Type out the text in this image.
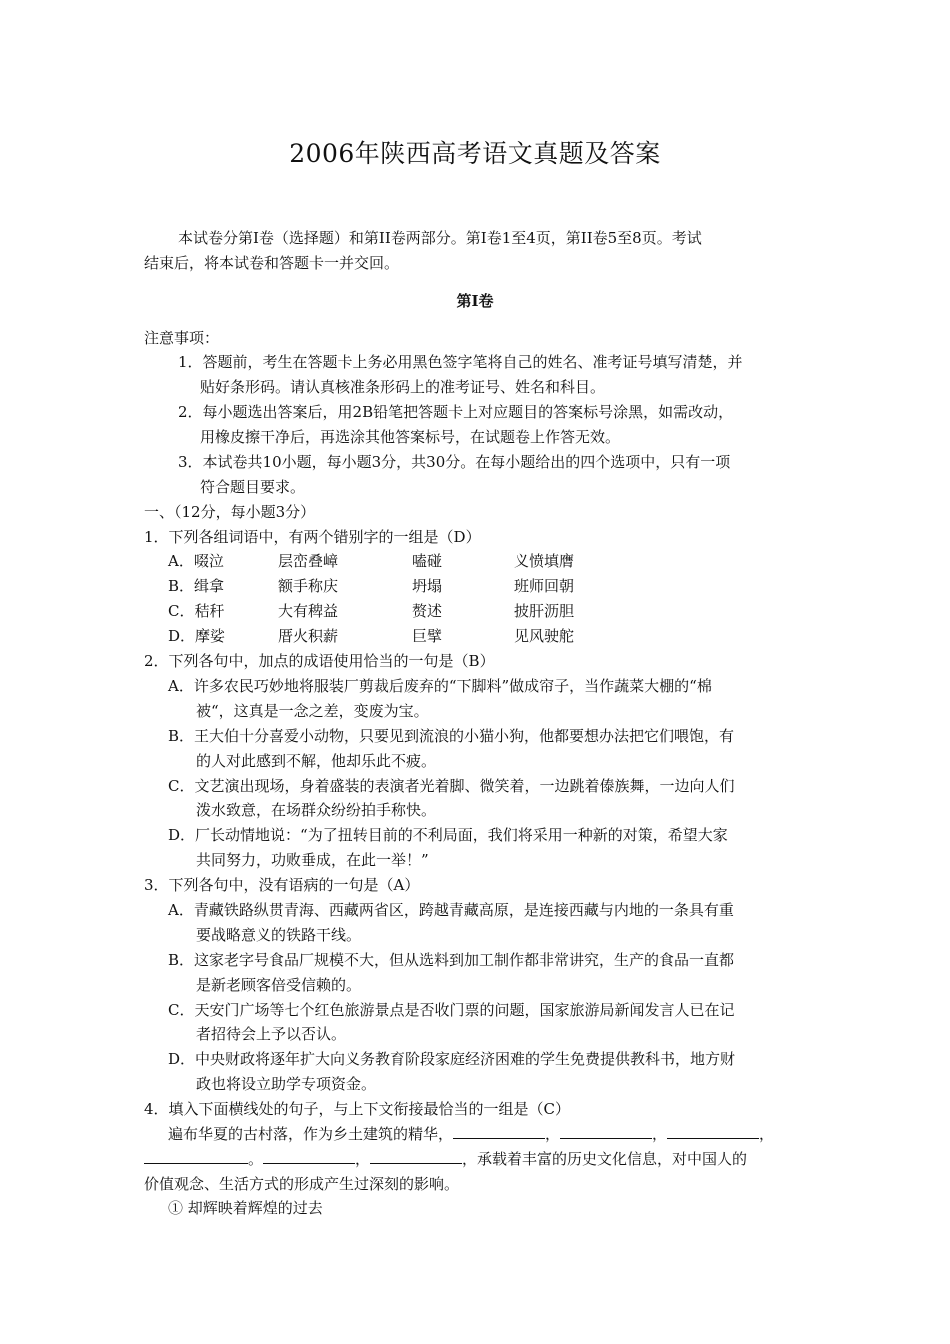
2006年陕西高考语文真题及答案
本试卷分第Ⅰ卷（选择题）和第II卷两部分。第Ⅰ卷1至4页，第II卷5至8页。考试
结束后，将本试卷和答题卡一并交回。
第Ⅰ卷
注意事项：
1．答题前，考生在答题卡上务必用黑色签字笔将自己的姓名、准考证号填写清楚，并
贴好条形码。请认真核准条形码上的准考证号、姓名和科目。
2．每小题选出答案后，用2B铅笔把答题卡上对应题目的答案标号涂黑，如需改动，
用橡皮擦干净后，再选涂其他答案标号，在试题卷上作答无效。
3．本试卷共10小题，每小题3分，共30分。在每小题给出的四个选项中，只有一项
符合题目要求。
一、（12分，每小题3分）
1．下列各组词语中，有两个错别字的一组是（D）
A．啜泣	层峦叠嶂	嗑碰	义愤填膺
B．缉拿	额手称庆	坍塌	班师回朝
C．秸秆	大有稗益	赘述	披肝沥胆
D．摩娑	厝火积薪	巨擘	见风驶舵
2．下列各句中，加点的成语使用恰当的一句是（B）
A．许多农民巧妙地将服装厂剪裁后废弃的“下脚料”做成帘子，当作蔬菜大棚的“棉
被“，这真是一念之差，变废为宝。
B．王大伯十分喜爱小动物，只要见到流浪的小猫小狗，他都要想办法把它们喂饱，有
的人对此感到不解，他却乐此不疲。
C．文艺演出现场，身着盛装的表演者光着脚、微笑着，一边跳着傣族舞，一边向人们
泼水致意，在场群众纷纷拍手称快。
D．厂长动情地说：“为了扭转目前的不利局面，我们将采用一种新的对策，希望大家
共同努力，功败垂成，在此一举！”
3．下列各句中，没有语病的一句是（A）
A．青藏铁路纵贯青海、西藏两省区，跨越青藏高原，是连接西藏与内地的一条具有重
要战略意义的铁路干线。
B．这家老字号食品厂规模不大，但从选料到加工制作都非常讲究，生产的食品一直都
是新老顾客倍受信赖的。
C．天安门广场等七个红色旅游景点是否收门票的问题，国家旅游局新闻发言人已在记
者招待会上予以否认。
D．中央财政将逐年扩大向义务教育阶段家庭经济困难的学生免费提供教科书，地方财
政也将设立助学专项资金。
4．填入下面横线处的句子，与上下文衔接最恰当的一组是（C）
遍布华夏的古村落，作为乡土建筑的精华，	，	，	，
。	，	，承载着丰富的历史文化信息，对中国人的
价值观念、生活方式的形成产生过深刻的影响。
① 却辉映着辉煌的过去
